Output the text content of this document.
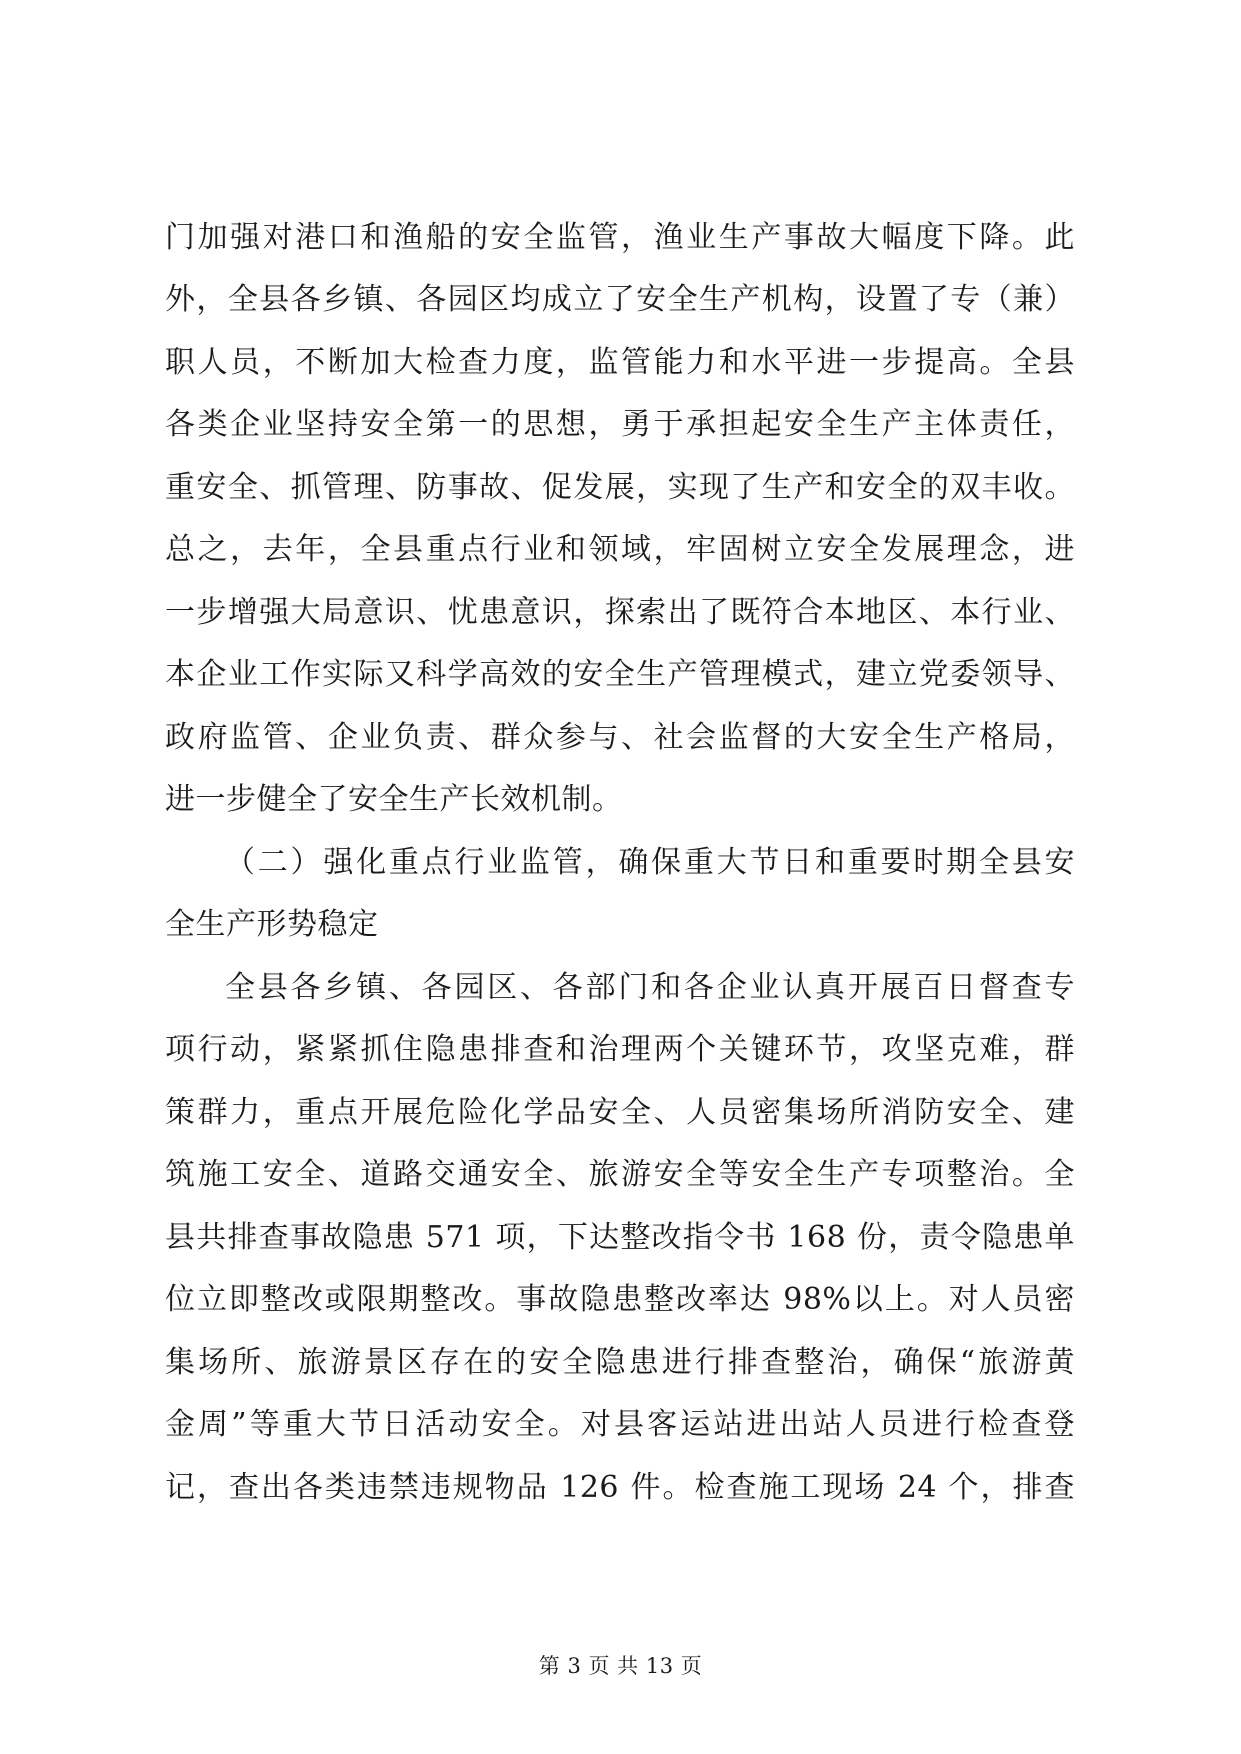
门加强对港口和渔船的安全监管，渔业生产事故大幅度下降。此
外，全县各乡镇、各园区均成立了安全生产机构，设置了专（兼）
职人员，不断加大检查力度，监管能力和水平进一步提高。全县
各类企业坚持安全第一的思想，勇于承担起安全生产主体责任，
重安全、抓管理、防事故、促发展，实现了生产和安全的双丰收。
总之，去年，全县重点行业和领域，牢固树立安全发展理念，进
一步增强大局意识、忧患意识，探索出了既符合本地区、本行业、
本企业工作实际又科学高效的安全生产管理模式，建立党委领导、
政府监管、企业负责、群众参与、社会监督的大安全生产格局，
进一步健全了安全生产长效机制。
（二）强化重点行业监管，确保重大节日和重要时期全县安
全生产形势稳定
全县各乡镇、各园区、各部门和各企业认真开展百日督查专
项行动，紧紧抓住隐患排查和治理两个关键环节，攻坚克难，群
策群力，重点开展危险化学品安全、人员密集场所消防安全、建
筑施工安全、道路交通安全、旅游安全等安全生产专项整治。全
县共排查事故隐患 571 项，下达整改指令书 168 份，责令隐患单
位立即整改或限期整改。事故隐患整改率达 98%以上。对人员密
集场所、旅游景区存在的安全隐患进行排查整治，确保“旅游黄
金周”等重大节日活动安全。对县客运站进出站人员进行检查登
记，查出各类违禁违规物品 126 件。检查施工现场 24 个，排查
第 3 页 共 13 页
